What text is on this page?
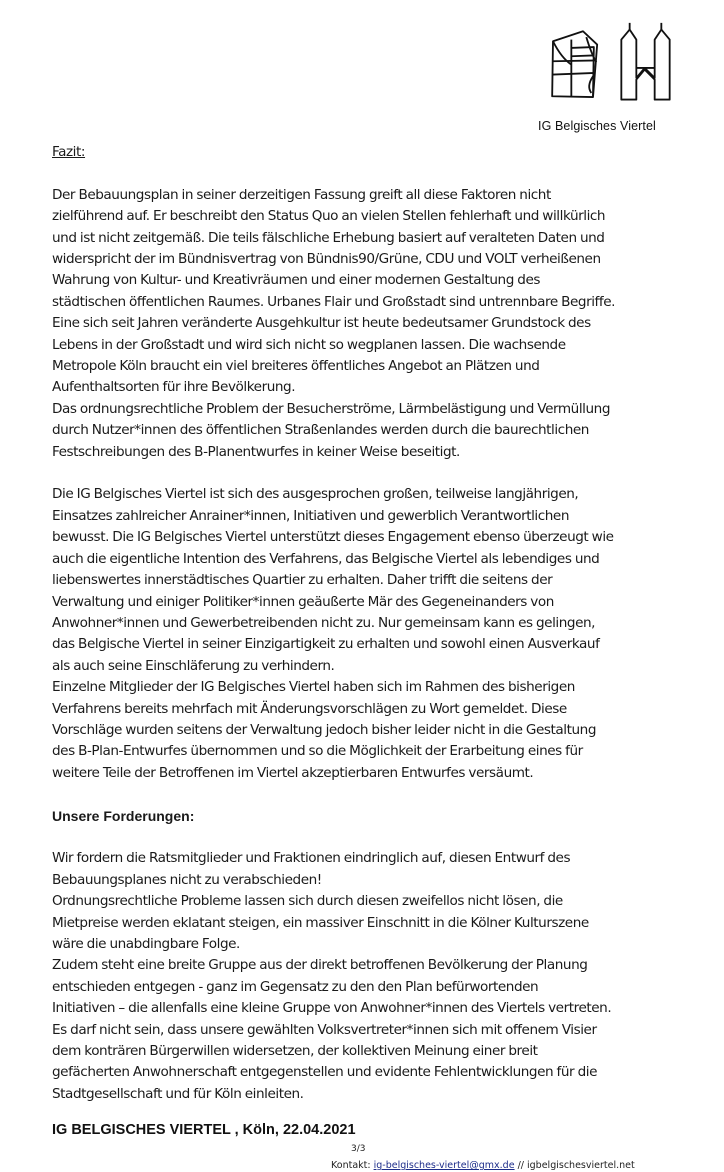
IG Belgisches Viertel

Fazit:

Der Bebauungsplan in seiner derzeitigen Fassung greift all diese Faktoren nicht

zielführend auf. Er beschreibt den Status Quo an vielen Stellen fehlerhaft und willkürlich

und ist nicht zeitgemäß. Die teils fälschliche Erhebung basiert auf veralteten Daten und

widerspricht der im Bündnisvertrag von Bündnis90/Grüne, CDU und VOLT verheißenen

Wahrung von Kultur- und Kreativräumen und einer modernen Gestaltung des

städtischen öffentlichen Raumes. Urbanes Flair und Großstadt sind untrennbare Begriffe.

Eine sich seit Jahren veränderte Ausgehkultur ist heute bedeutsamer Grundstock des

Lebens in der Großstadt und wird sich nicht so wegplanen lassen. Die wachsende

Metropole Köln braucht ein viel breiteres öffentliches Angebot an Plätzen und

Aufenthaltsorten für ihre Bevölkerung.

Das ordnungsrechtliche Problem der Besucherströme, Lärmbelästigung und Vermüllung

durch Nutzer*innen des öffentlichen Straßenlandes werden durch die baurechtlichen

Festschreibungen des B-Planentwurfes in keiner Weise beseitigt.

Die IG Belgisches Viertel ist sich des ausgesprochen großen, teilweise langjährigen,

Einsatzes zahlreicher Anrainer*innen, Initiativen und gewerblich Verantwortlichen

bewusst. Die IG Belgisches Viertel unterstützt dieses Engagement ebenso überzeugt wie

auch die eigentliche Intention des Verfahrens, das Belgische Viertel als lebendiges und

liebenswertes innerstädtisches Quartier zu erhalten. Daher trifft die seitens der

Verwaltung und einiger Politiker*innen geäußerte Mär des Gegeneinanders von

Anwohner*innen und Gewerbetreibenden nicht zu. Nur gemeinsam kann es gelingen,

das Belgische Viertel in seiner Einzigartigkeit zu erhalten und sowohl einen Ausverkauf

als auch seine Einschläferung zu verhindern.

Einzelne Mitglieder der IG Belgisches Viertel haben sich im Rahmen des bisherigen

Verfahrens bereits mehrfach mit Änderungsvorschlägen zu Wort gemeldet. Diese

Vorschläge wurden seitens der Verwaltung jedoch bisher leider nicht in die Gestaltung

des B-Plan-Entwurfes übernommen und so die Möglichkeit der Erarbeitung eines für

weitere Teile der Betroffenen im Viertel akzeptierbaren Entwurfes versäumt.

Unsere Forderungen:

Wir fordern die Ratsmitglieder und Fraktionen eindringlich auf, diesen Entwurf des

Bebauungsplanes nicht zu verabschieden!

Ordnungsrechtliche Probleme lassen sich durch diesen zweifellos nicht lösen, die

Mietpreise werden eklatant steigen, ein massiver Einschnitt in die Kölner Kulturszene

wäre die unabdingbare Folge.

Zudem steht eine breite Gruppe aus der direkt betroffenen Bevölkerung der Planung

entschieden entgegen - ganz im Gegensatz zu den den Plan befürwortenden

Initiativen – die allenfalls eine kleine Gruppe von Anwohner*innen des Viertels vertreten.

Es darf nicht sein, dass unsere gewählten Volksvertreter*innen sich mit offenem Visier

dem konträren Bürgerwillen widersetzen, der kollektiven Meinung einer breit

gefächerten Anwohnerschaft entgegenstellen und evidente Fehlentwicklungen für die

Stadtgesellschaft und für Köln einleiten.

IG BELGISCHES VIERTEL , Köln, 22.04.2021
3/3
Kontakt: ig-belgisches-viertel@gmx.de // igbelgischesviertel.net
